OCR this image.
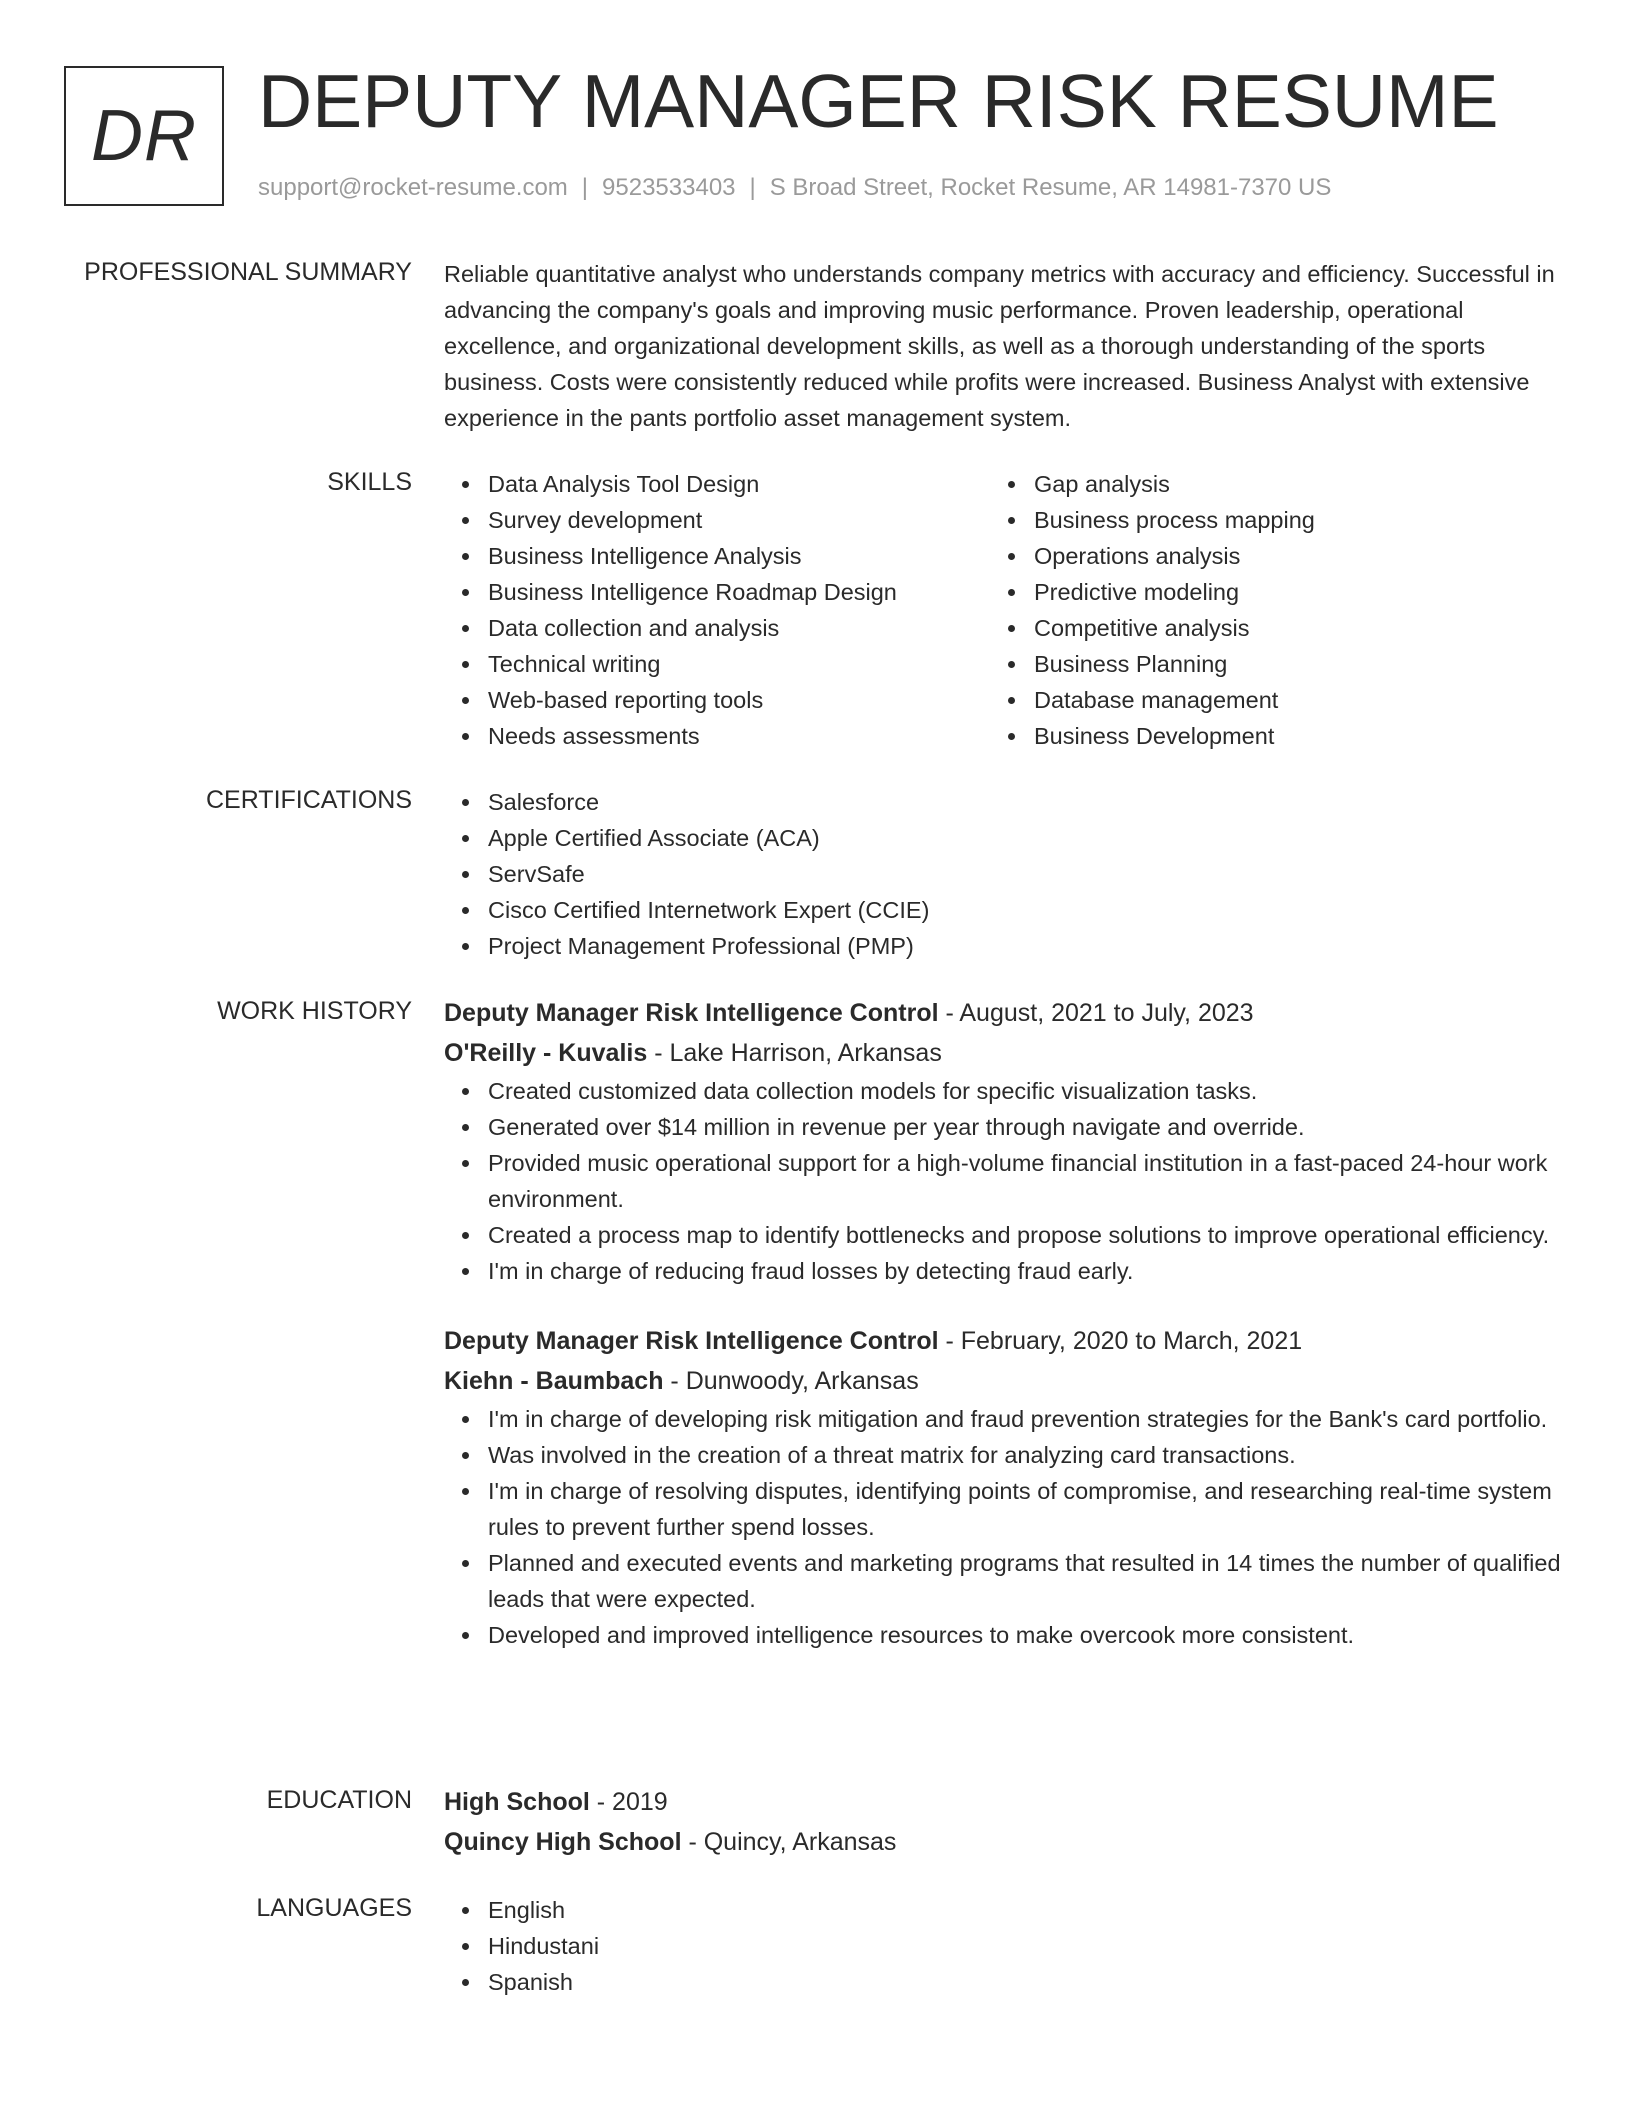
DR DEPUTY MANAGER RISK RESUME
support@rocket-resume.com | 9523533403 | S Broad Street, Rocket Resume, AR 14981-7370 US
PROFESSIONAL SUMMARY Reliable quantitative analyst who understands company metrics with accuracy and efficiency. Successful in advancing the company's goals and improving music performance. Proven leadership, operational excellence, and organizational development skills, as well as a thorough understanding of the sports business. Costs were consistently reduced while profits were increased. Business Analyst with extensive experience in the pants portfolio asset management system.

SKILLS	Data Analysis Tool Design
Survey development
Business Intelligence Analysis
Business Intelligence Roadmap Design
Data collection and analysis
Technical writing
Web-based reporting tools
Needs assessments
Gap analysis
Business process mapping
Operations analysis
Predictive modeling
Competitive analysis
Business Planning
Database management
Business Development
CERTIFICATIONS	Salesforce
Apple Certified Associate (ACA)
ServSafe
Cisco Certified Internetwork Expert (CCIE)
Project Management Professional (PMP)
WORK HISTORY Deputy Manager Risk Intelligence Control - August, 2021 to July, 2023
O'Reilly - Kuvalis - Lake Harrison, Arkansas
Created customized data collection models for specific visualization tasks.
Generated over $14 million in revenue per year through navigate and override.
Provided music operational support for a high-volume financial institution in a fast-paced 24-hour work environment.
Created a process map to identify bottlenecks and propose solutions to improve operational efficiency.
I'm in charge of reducing fraud losses by detecting fraud early.
Deputy Manager Risk Intelligence Control - February, 2020 to March, 2021
Kiehn - Baumbach - Dunwoody, Arkansas
I'm in charge of developing risk mitigation and fraud prevention strategies for the Bank's card portfolio.
Was involved in the creation of a threat matrix for analyzing card transactions.
I'm in charge of resolving disputes, identifying points of compromise, and researching real-time system rules to prevent further spend losses.
Planned and executed events and marketing programs that resulted in 14 times the number of qualified leads that were expected.
Developed and improved intelligence resources to make overcook more consistent.
EDUCATION High School - 2019
Quincy High School - Quincy, Arkansas
LANGUAGES	English
Hindustani
Spanish
